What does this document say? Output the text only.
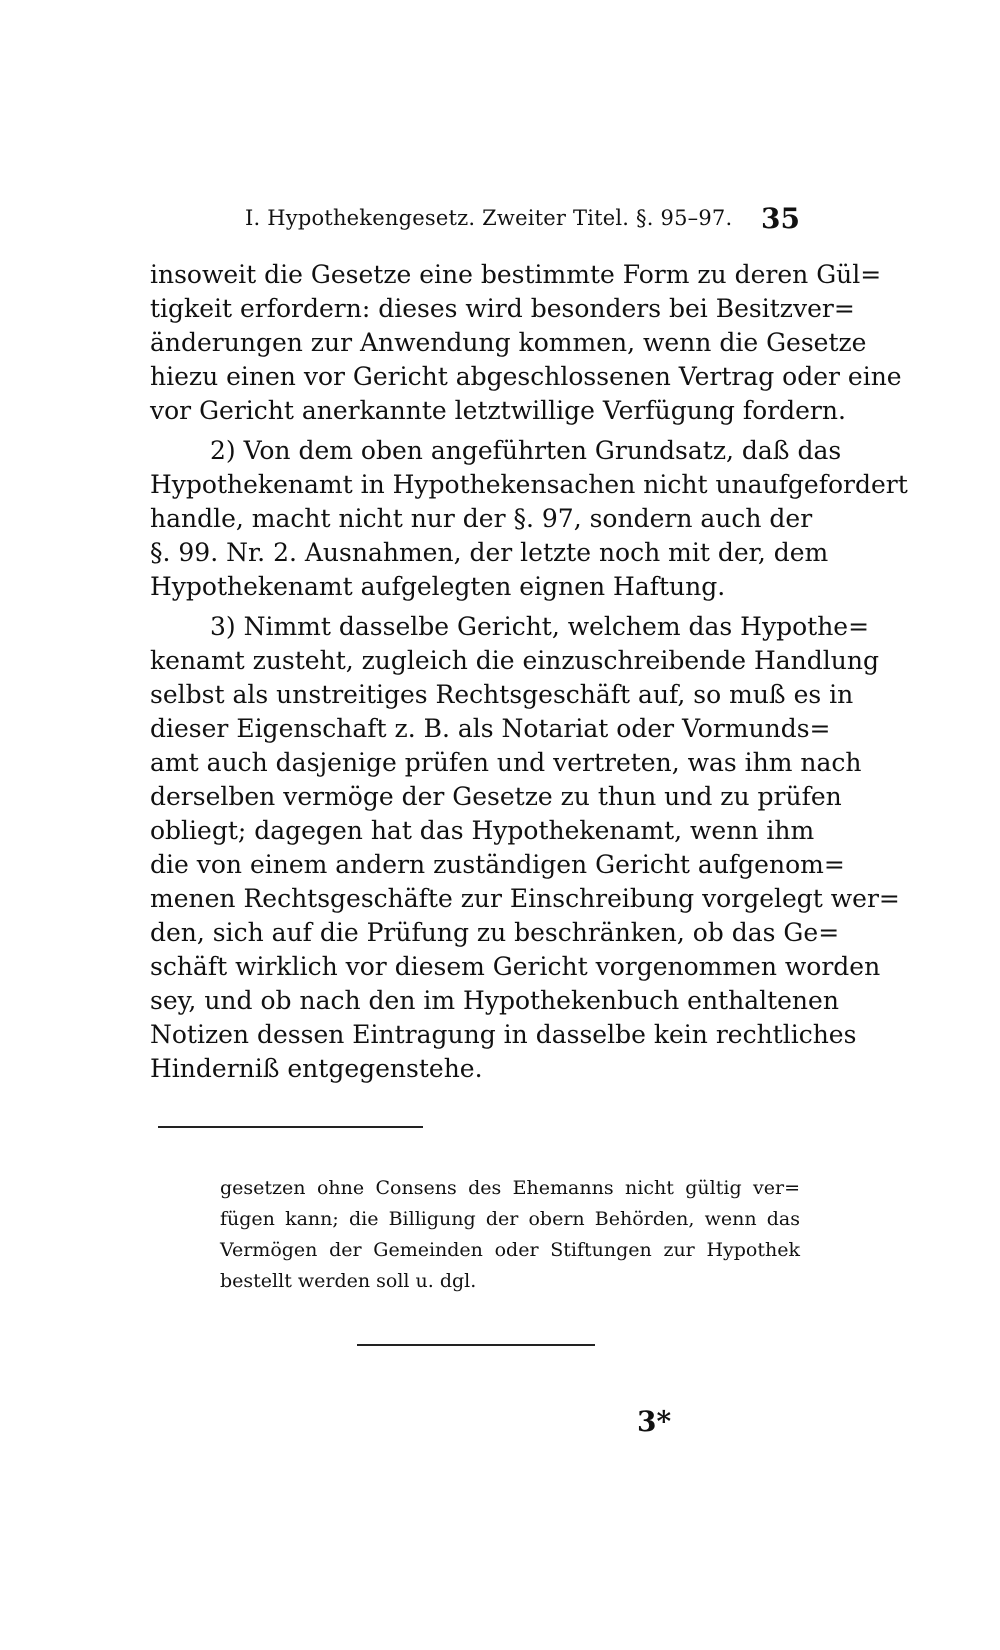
I. Hypothekengesetz. Zweiter Titel. §. 95–97. 35
insoweit die Gesetze eine bestimmte Form zu deren Gül=
tigkeit erfordern: dieses wird besonders bei Besitzver=
änderungen zur Anwendung kommen, wenn die Gesetze
hiezu einen vor Gericht abgeschlossenen Vertrag oder eine
vor Gericht anerkannte letztwillige Verfügung fordern.
2) Von dem oben angeführten Grundsatz, daß das
Hypothekenamt in Hypothekensachen nicht unaufgefordert
handle, macht nicht nur der §. 97, sondern auch der
§. 99. Nr. 2. Ausnahmen, der letzte noch mit der, dem
Hypothekenamt aufgelegten eignen Haftung.
3) Nimmt dasselbe Gericht, welchem das Hypothe=
kenamt zusteht, zugleich die einzuschreibende Handlung
selbst als unstreitiges Rechtsgeschäft auf, so muß es in
dieser Eigenschaft z. B. als Notariat oder Vormunds=
amt auch dasjenige prüfen und vertreten, was ihm nach
derselben vermöge der Gesetze zu thun und zu prüfen
obliegt; dagegen hat das Hypothekenamt, wenn ihm
die von einem andern zuständigen Gericht aufgenom=
menen Rechtsgeschäfte zur Einschreibung vorgelegt wer=
den, sich auf die Prüfung zu beschränken, ob das Ge=
schäft wirklich vor diesem Gericht vorgenommen worden
sey, und ob nach den im Hypothekenbuch enthaltenen
Notizen dessen Eintragung in dasselbe kein rechtliches
Hinderniß entgegenstehe.
gesetzen ohne Consens des Ehemanns nicht gültig ver=
fügen kann; die Billigung der obern Behörden, wenn das
Vermögen der Gemeinden oder Stiftungen zur Hypothek
bestellt werden soll u. dgl.
3*
